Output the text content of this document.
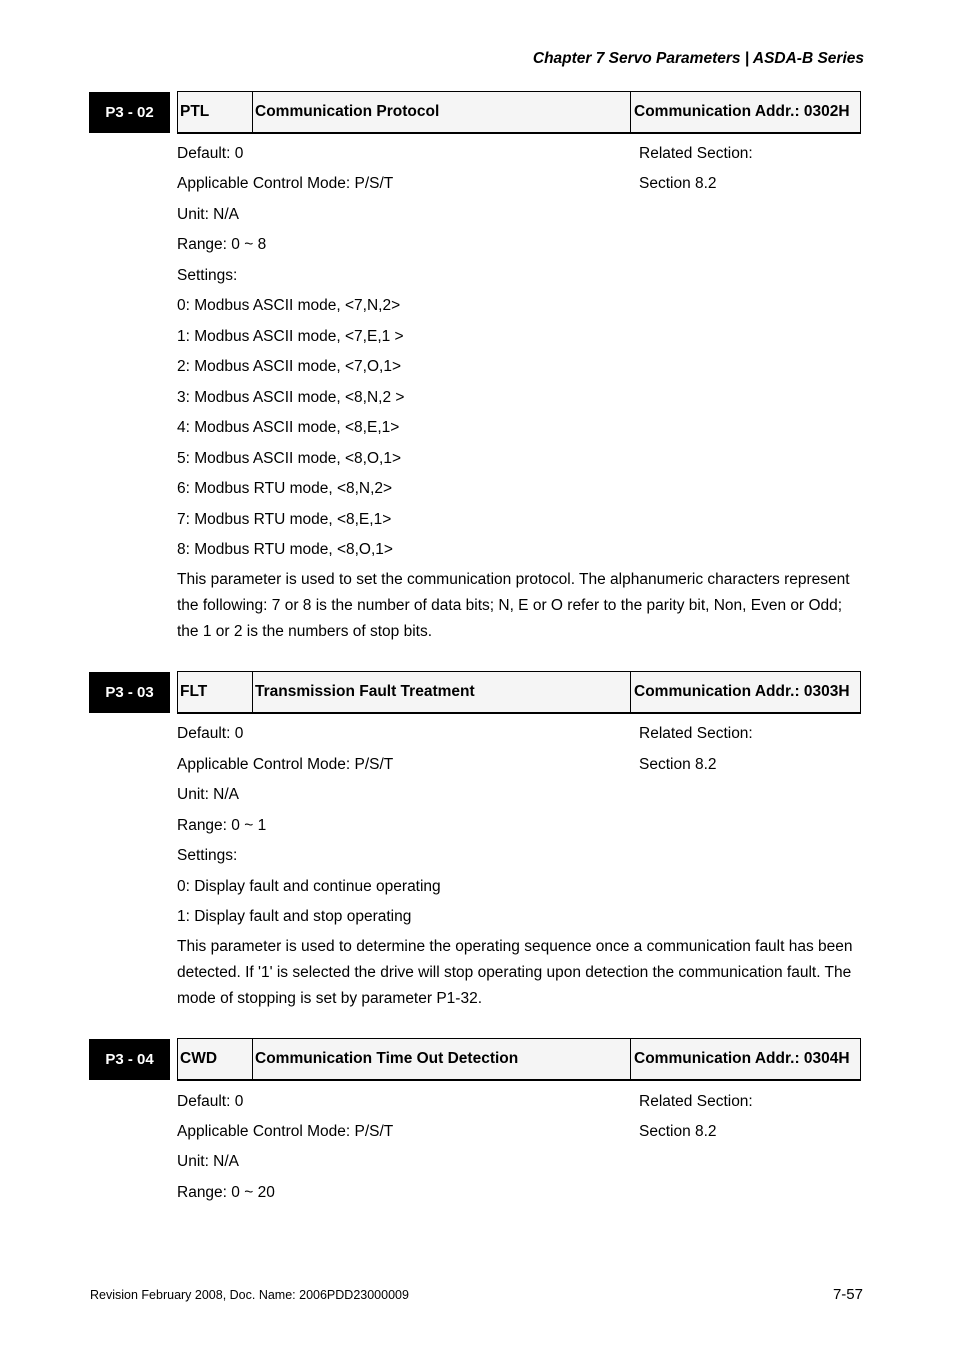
Chapter 7 Servo Parameters | ASDA-B Series
P3 - 02	PTL	Communication Protocol	Communication Addr.: 0302H
Default: 0	Related Section:
Applicable Control Mode: P/S/T	Section 8.2
Unit: N/A
Range: 0 ~ 8
Settings:
0: Modbus ASCII mode, <7,N,2>
1: Modbus ASCII mode, <7,E,1 >
2: Modbus ASCII mode, <7,O,1>
3: Modbus ASCII mode, <8,N,2 >
4: Modbus ASCII mode, <8,E,1>
5: Modbus ASCII mode, <8,O,1>
6: Modbus RTU mode, <8,N,2>
7: Modbus RTU mode, <8,E,1>
8: Modbus RTU mode, <8,O,1>
This parameter is used to set the communication protocol. The alphanumeric characters represent the following: 7 or 8 is the number of data bits; N, E or O refer to the parity bit, Non, Even or Odd; the 1 or 2 is the numbers of stop bits.
P3 - 03	FLT	Transmission Fault Treatment	Communication Addr.: 0303H
Default: 0	Related Section:
Applicable Control Mode: P/S/T	Section 8.2
Unit: N/A
Range: 0 ~ 1
Settings:
0: Display fault and continue operating
1: Display fault and stop operating
This parameter is used to determine the operating sequence once a communication fault has been detected. If '1' is selected the drive will stop operating upon detection the communication fault. The mode of stopping is set by parameter P1-32.
P3 - 04	CWD	Communication Time Out Detection	Communication Addr.: 0304H
Default: 0	Related Section:
Applicable Control Mode: P/S/T	Section 8.2
Unit: N/A
Range: 0 ~ 20
Revision February 2008, Doc. Name: 2006PDD23000009	7-57
